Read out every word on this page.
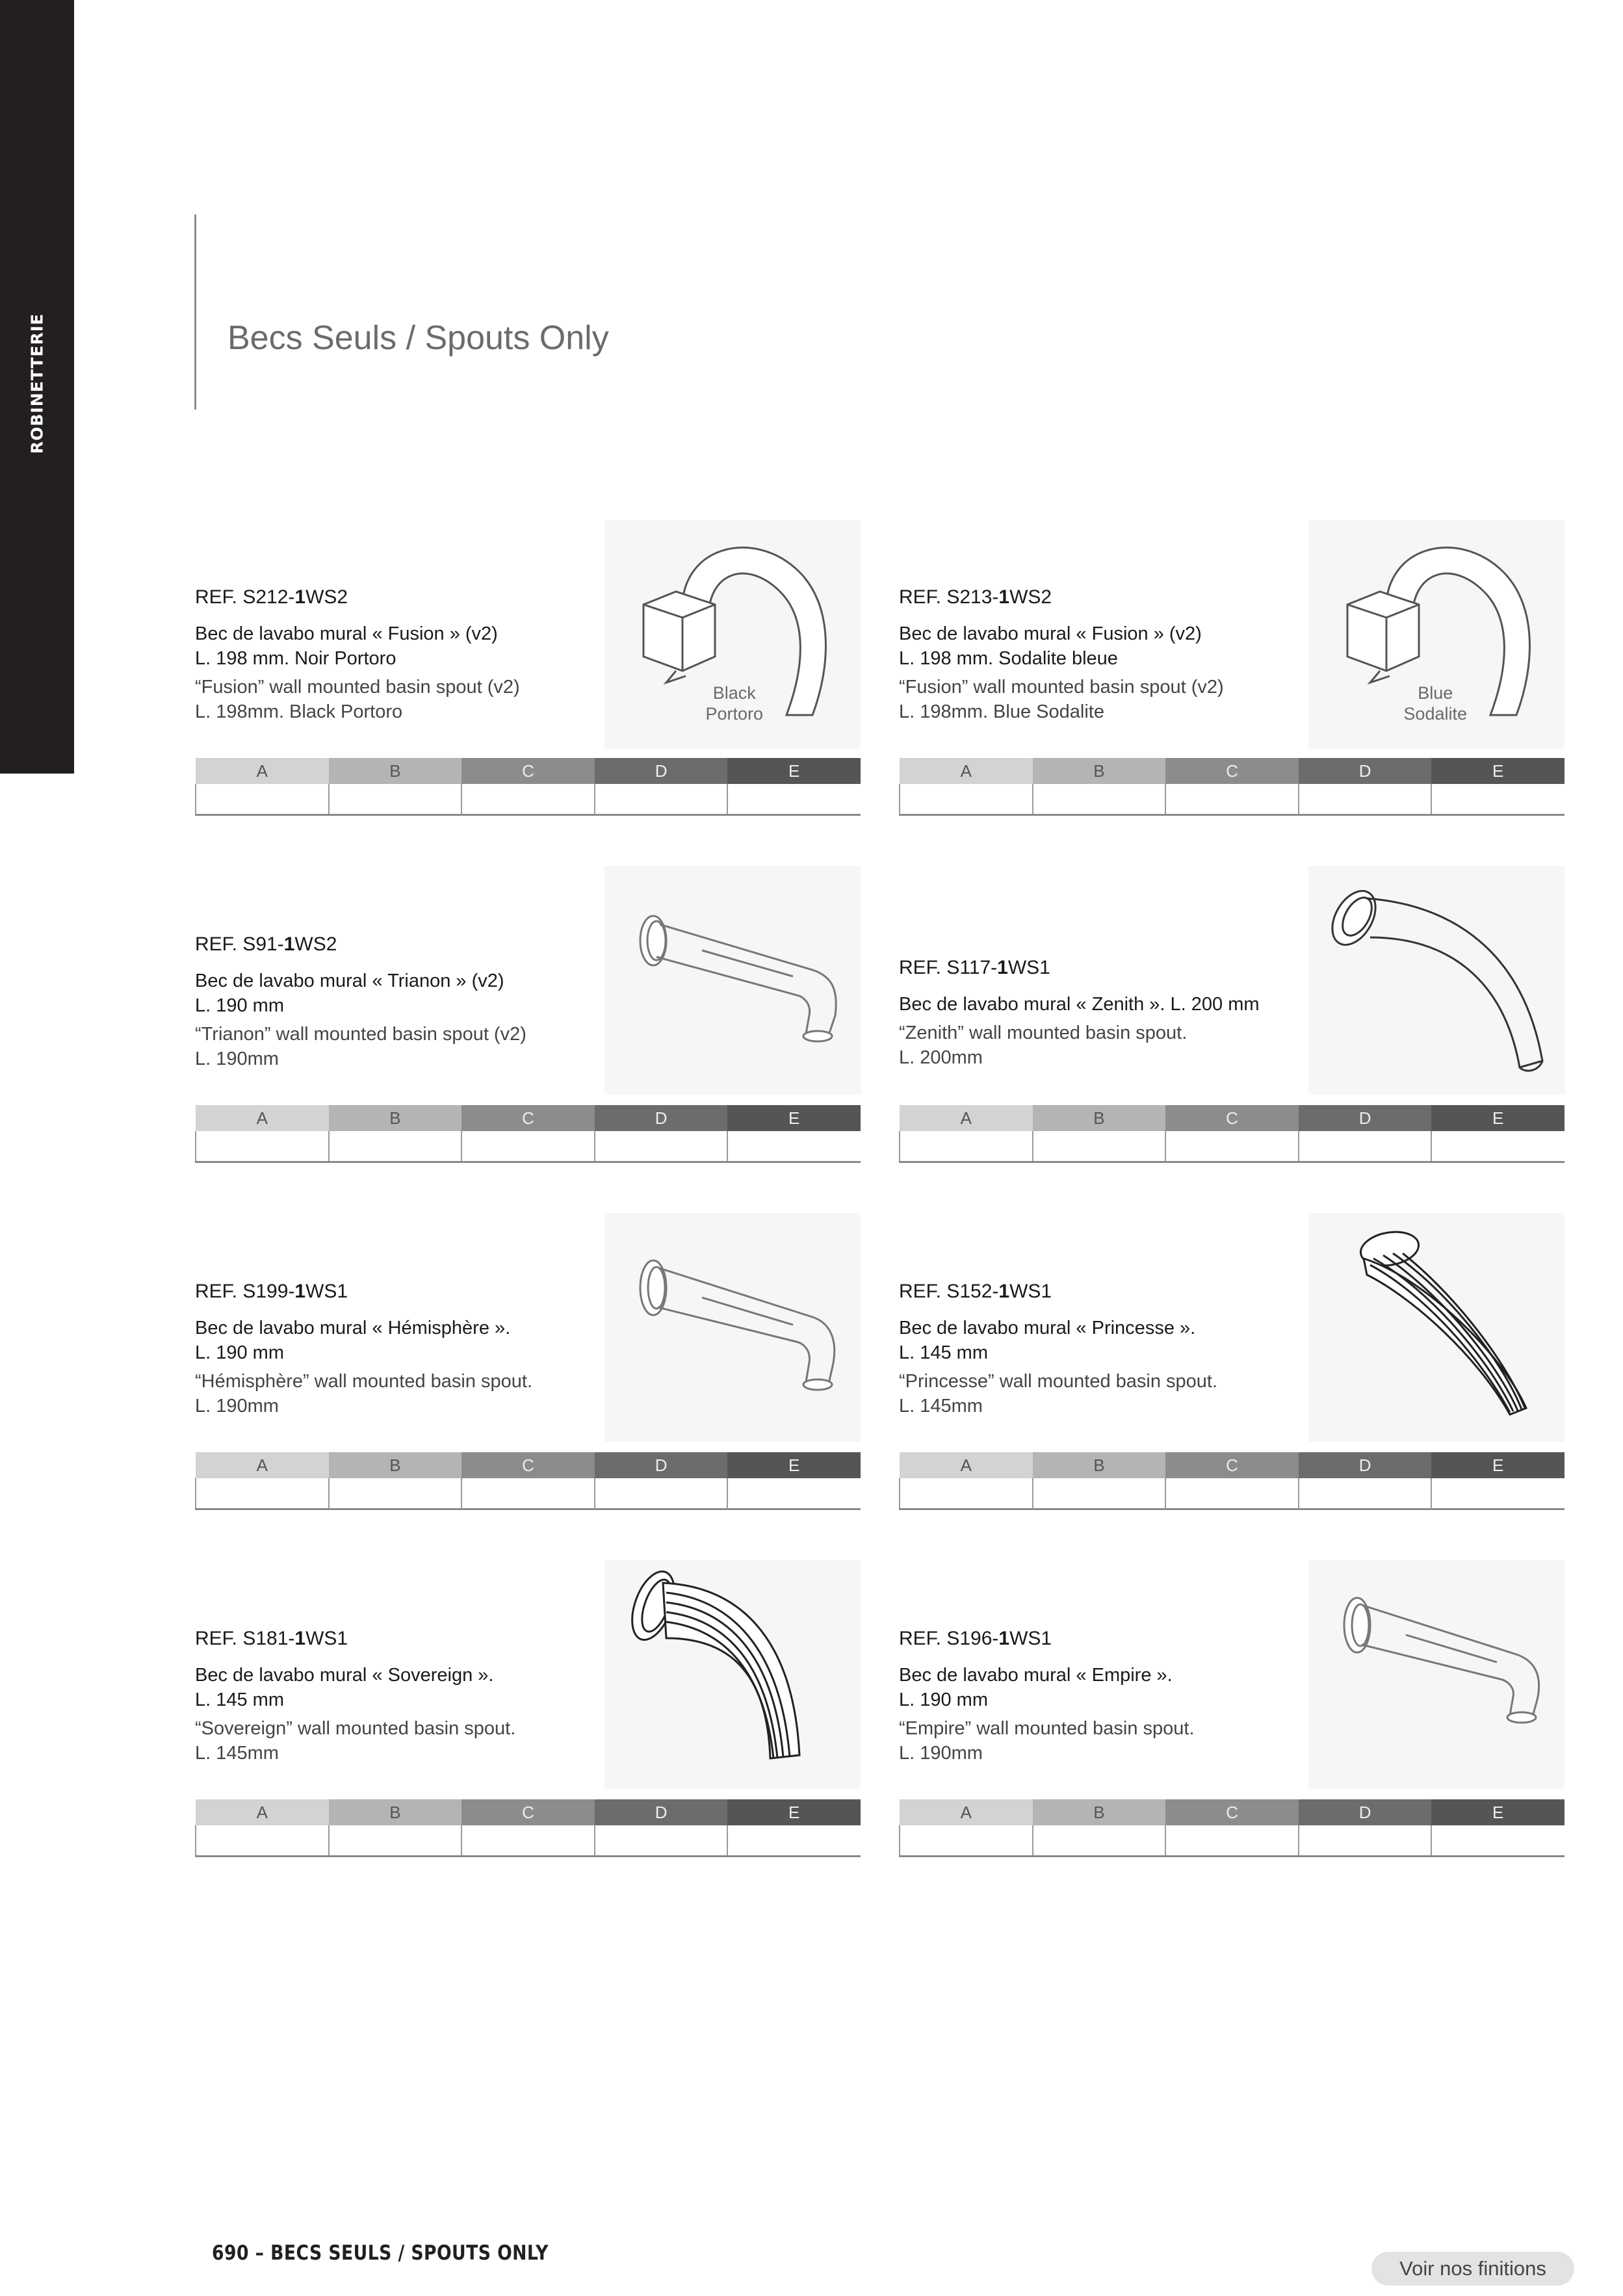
ROBINETTERIE	Becs Seuls / Spouts Only
Black
Portoro
REF. S212-1WS2
Bec de lavabo mural « Fusion » (v2)
L. 198 mm. Noir Portoro
“Fusion” wall mounted basin spout (v2)
L. 198mm. Black Portoro
A	B	C	D	E

Blue
Sodalite
REF. S213-1WS2
Bec de lavabo mural « Fusion » (v2)
L. 198 mm. Sodalite bleue
“Fusion” wall mounted basin spout (v2)
L. 198mm. Blue Sodalite
A	B	C	D	E

REF. S91-1WS2
Bec de lavabo mural « Trianon » (v2)
L. 190 mm
“Trianon” wall mounted basin spout (v2)
L. 190mm
A	B	C	D	E

REF. S117-1WS1
Bec de lavabo mural « Zenith ». L. 200 mm
“Zenith” wall mounted basin spout.
L. 200mm
A	B	C	D	E

REF. S199-1WS1
Bec de lavabo mural « Hémisphère ».
L. 190 mm
“Hémisphère” wall mounted basin spout.
L. 190mm
A	B	C	D	E

REF. S152-1WS1
Bec de lavabo mural « Princesse ».
L. 145 mm
“Princesse” wall mounted basin spout.
L. 145mm
A	B	C	D	E

REF. S181-1WS1
Bec de lavabo mural « Sovereign ».
L. 145 mm
“Sovereign” wall mounted basin spout.
L. 145mm
A	B	C	D	E

REF. S196-1WS1
Bec de lavabo mural « Empire ».
L. 190 mm
“Empire” wall mounted basin spout.
L. 190mm
A	B	C	D	E

690 – BECS SEULS / SPOUTS ONLY
Voir nos finitions
